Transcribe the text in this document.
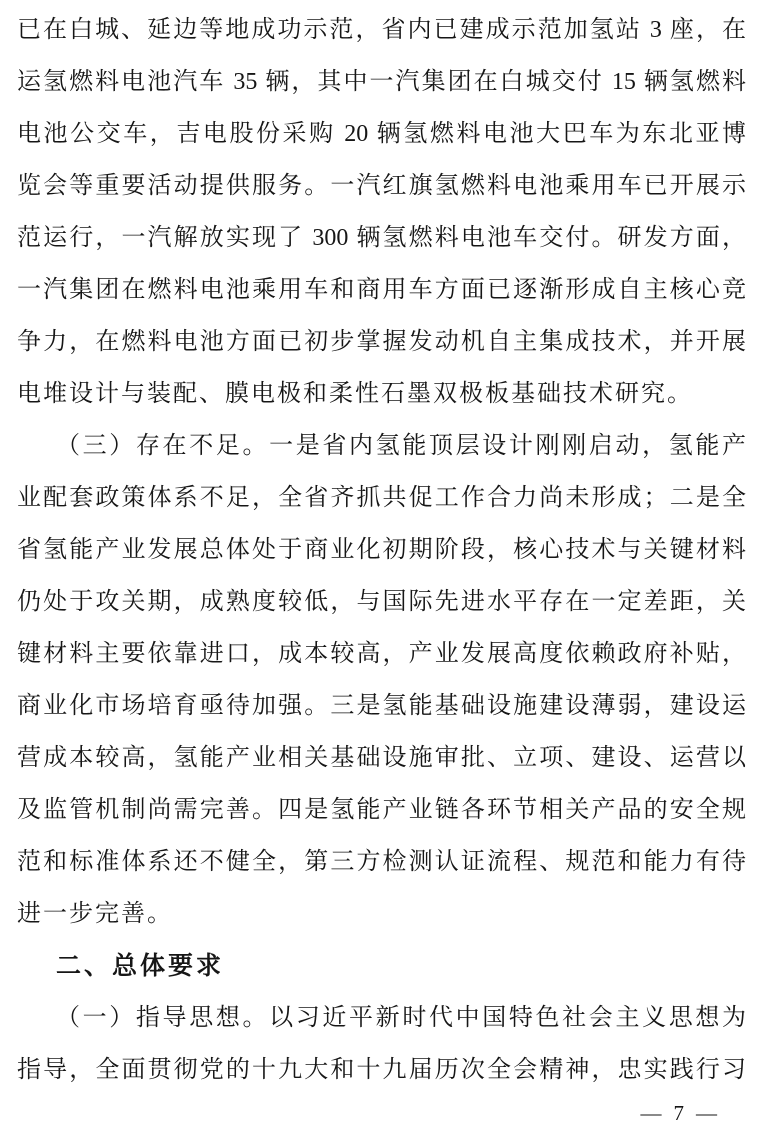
已在白城、延边等地成功示范，省内已建成示范加氢站 3 座，在
运氢燃料电池汽车 35 辆，其中一汽集团在白城交付 15 辆氢燃料
电池公交车，吉电股份采购 20 辆氢燃料电池大巴车为东北亚博
览会等重要活动提供服务。一汽红旗氢燃料电池乘用车已开展示
范运行，一汽解放实现了 300 辆氢燃料电池车交付。研发方面，
一汽集团在燃料电池乘用车和商用车方面已逐渐形成自主核心竞
争力，在燃料电池方面已初步掌握发动机自主集成技术，并开展
电堆设计与装配、膜电极和柔性石墨双极板基础技术研究。
（三）存在不足。一是省内氢能顶层设计刚刚启动，氢能产
业配套政策体系不足，全省齐抓共促工作合力尚未形成；二是全
省氢能产业发展总体处于商业化初期阶段，核心技术与关键材料
仍处于攻关期，成熟度较低，与国际先进水平存在一定差距，关
键材料主要依靠进口，成本较高，产业发展高度依赖政府补贴，
商业化市场培育亟待加强。三是氢能基础设施建设薄弱，建设运
营成本较高，氢能产业相关基础设施审批、立项、建设、运营以
及监管机制尚需完善。四是氢能产业链各环节相关产品的安全规
范和标准体系还不健全，第三方检测认证流程、规范和能力有待
进一步完善。
二、总体要求
（一）指导思想。以习近平新时代中国特色社会主义思想为
指导，全面贯彻党的十九大和十九届历次全会精神，忠实践行习
— 7 —
